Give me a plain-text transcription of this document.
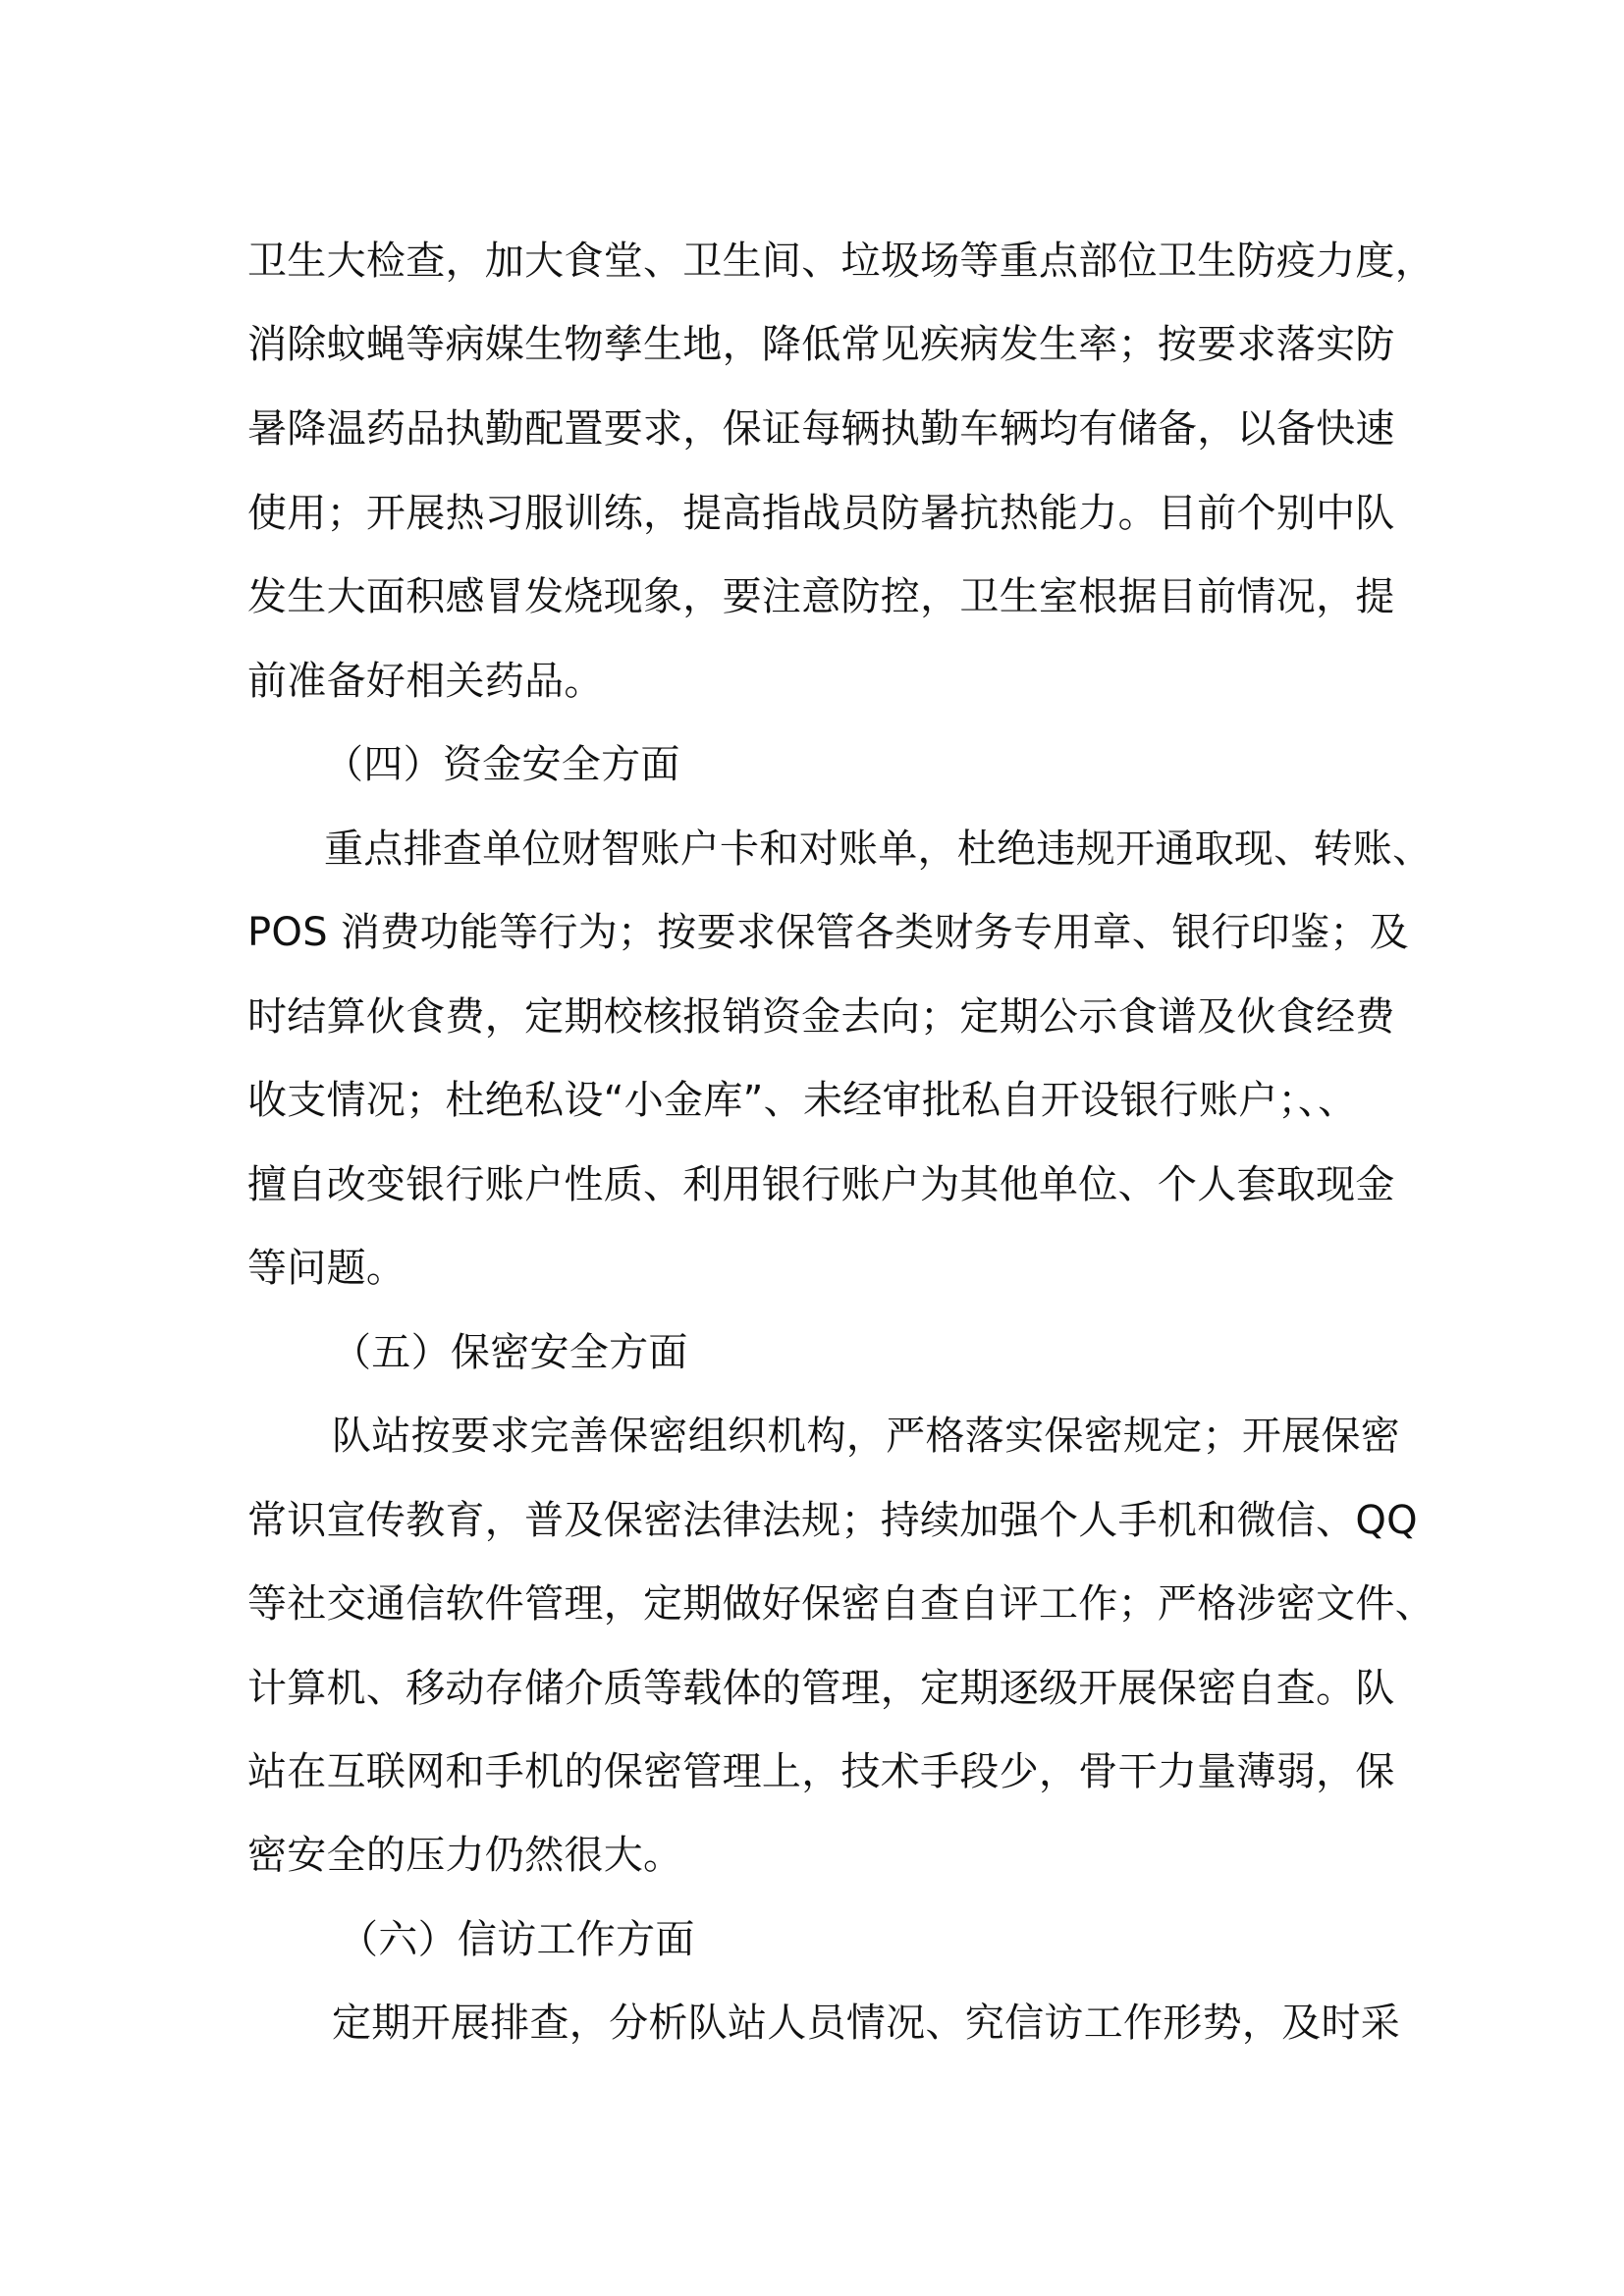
卫生大检查，加大食堂、卫生间、垃圾场等重点部位卫生防疫力度，
消除蚊蝇等病媒生物孳生地，降低常见疾病发生率；按要求落实防
暑降温药品执勤配置要求，保证每辆执勤车辆均有储备，以备快速
使用；开展热习服训练，提高指战员防暑抗热能力。目前个别中队
发生大面积感冒发烧现象，要注意防控，卫生室根据目前情况，提
前准备好相关药品。
（四）资金安全方面
重点排查单位财智账户卡和对账单，杜绝违规开通取现、转账、
POS 消费功能等行为；按要求保管各类财务专用章、银行印鉴；及
时结算伙食费，定期校核报销资金去向；定期公示食谱及伙食经费
收支情况；杜绝私设“小金库”、未经审批私自开设银行账户；、、
擅自改变银行账户性质、利用银行账户为其他单位、个人套取现金
等问题。
（五）保密安全方面
队站按要求完善保密组织机构，严格落实保密规定；开展保密
常识宣传教育，普及保密法律法规；持续加强个人手机和微信、QQ
等社交通信软件管理，定期做好保密自查自评工作；严格涉密文件、
计算机、移动存储介质等载体的管理，定期逐级开展保密自查。队
站在互联网和手机的保密管理上，技术手段少，骨干力量薄弱，保
密安全的压力仍然很大。
（六）信访工作方面
定期开展排查，分析队站人员情况、究信访工作形势，及时采
